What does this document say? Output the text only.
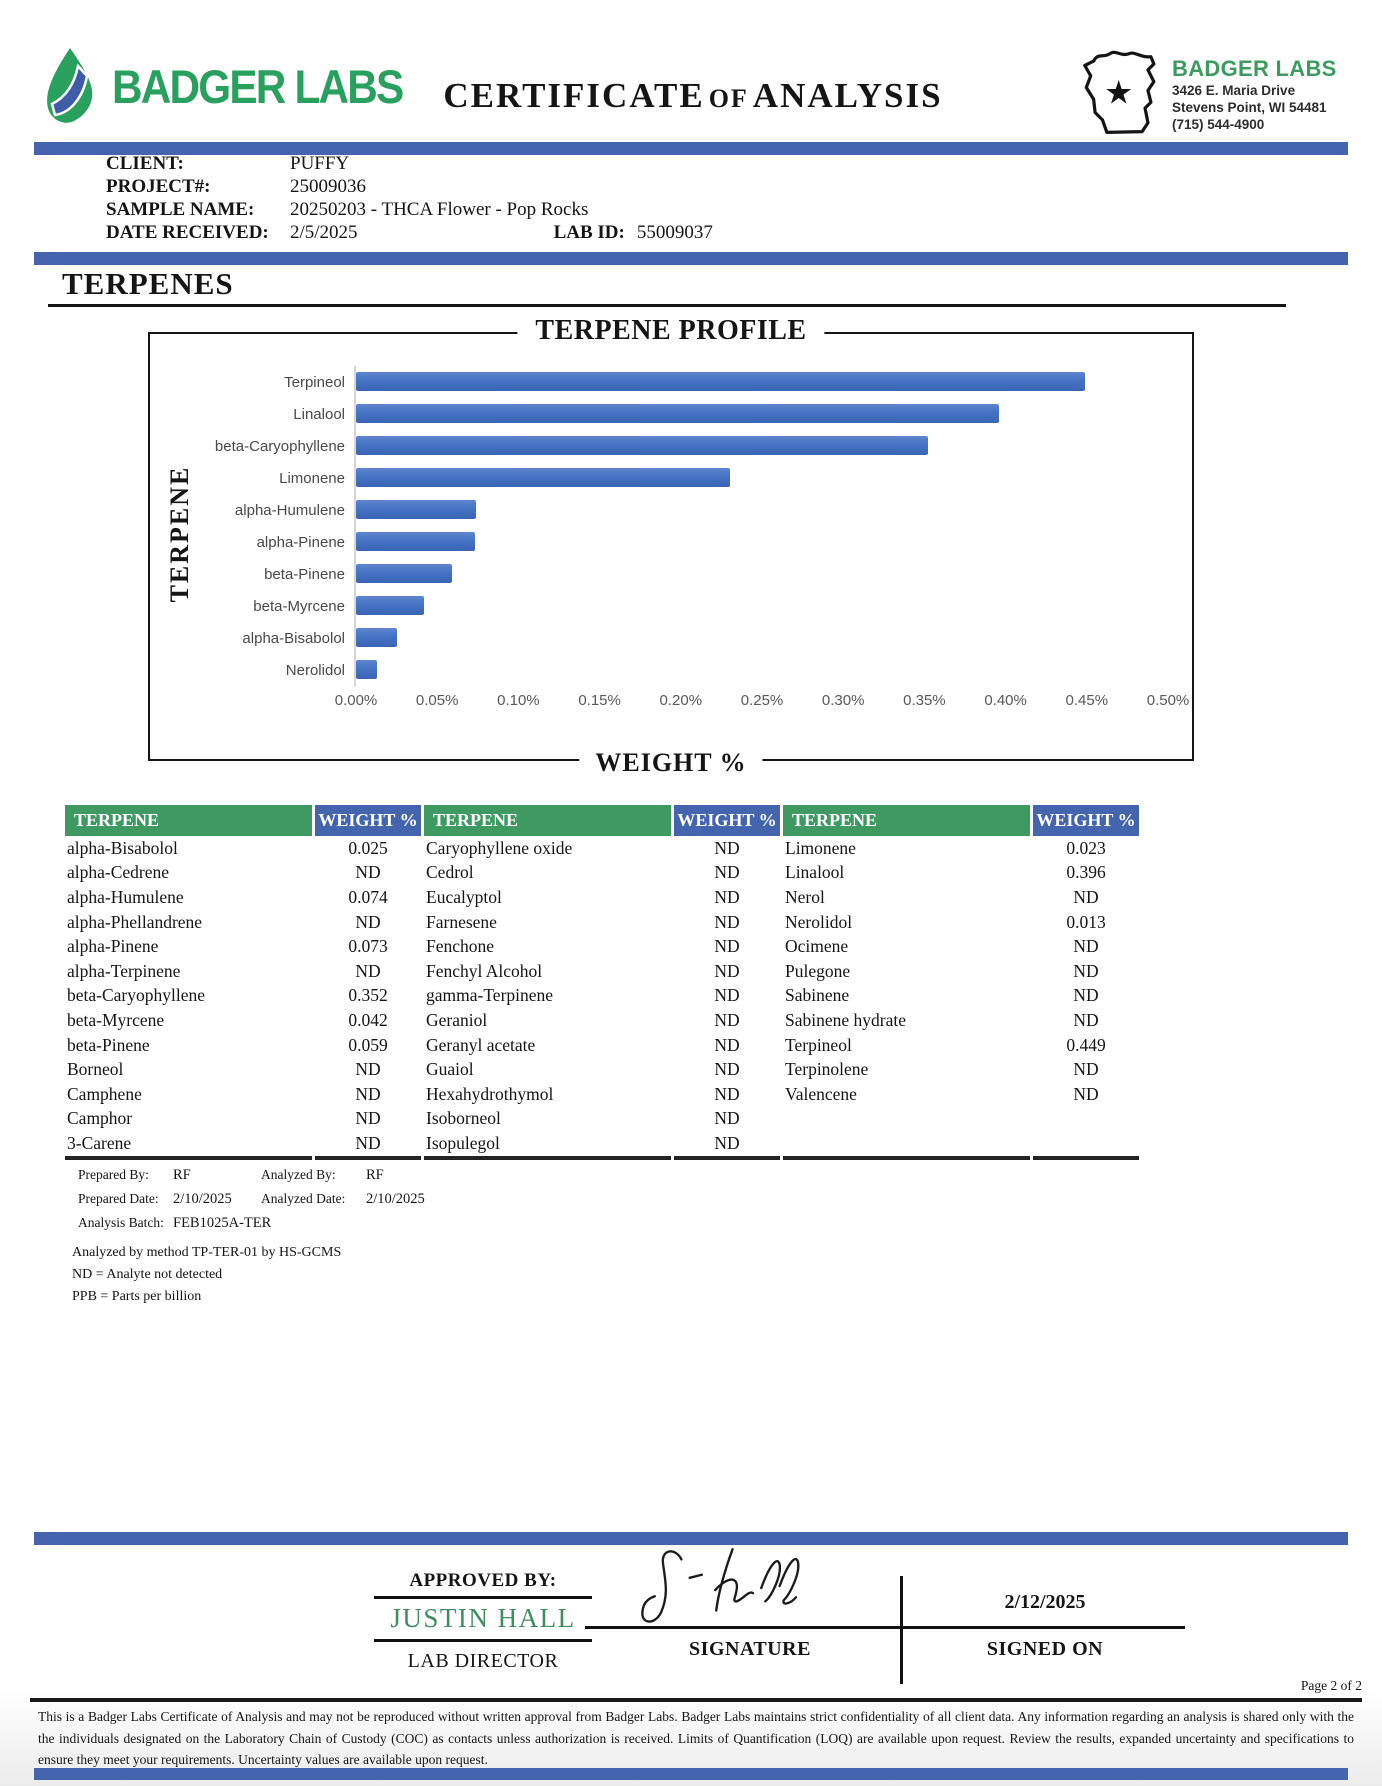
BADGER LABS	CERTIFICATE OF ANALYSIS	★
BADGER LABS
3426 E. Maria Drive
Stevens Point, WI 54481
(715) 544-4900
CLIENT:	PUFFY
PROJECT#:	25009036
SAMPLE NAME: 20250203 - THCA Flower - Pop Rocks
DATE RECEIVED: 2/5/2025	LAB ID: 55009037
TERPENES
TERPENE PROFILE
TERPENE
Terpineol
Linalool
beta-Caryophyllene
Limonene
alpha-Humulene
alpha-Pinene
beta-Pinene
beta-Myrcene
alpha-Bisabolol
Nerolidol
0.00%	0.05%	0.10%	0.15%	0.20%	0.25%	0.30%	0.35%	0.40%	0.45%	0.50%
WEIGHT %
TERPENE	WEIGHT %	TERPENE	WEIGHT %	TERPENE	WEIGHT %
alpha-Bisabolol	0.025	Caryophyllene oxide	ND	Limonene	0.023
alpha-Cedrene	ND	Cedrol	ND	Linalool	0.396
alpha-Humulene	0.074	Eucalyptol	ND	Nerol	ND
alpha-Phellandrene	ND	Farnesene	ND	Nerolidol	0.013
alpha-Pinene	0.073	Fenchone	ND	Ocimene	ND
alpha-Terpinene	ND	Fenchyl Alcohol	ND	Pulegone	ND
beta-Caryophyllene	0.352	gamma-Terpinene	ND	Sabinene	ND
beta-Myrcene	0.042	Geraniol	ND	Sabinene hydrate	ND
beta-Pinene	0.059	Geranyl acetate	ND	Terpineol	0.449
Borneol	ND	Guaiol	ND	Terpinolene	ND
Camphene	ND	Hexahydrothymol	ND	Valencene	ND
Camphor	ND	Isoborneol	ND		
3-Carene	ND	Isopulegol	ND		
Prepared By: RF	Analyzed By: RF
Prepared Date: 2/10/2025 Analyzed Date: 2/10/2025
Analysis Batch: FEB1025A-TER
Analyzed by method TP-TER-01 by HS-GCMS
ND = Analyte not detected
PPB = Parts per billion
APPROVED BY:
JUSTIN HALL
LAB DIRECTOR
SIGNATURE
2/12/2025
SIGNED ON
Page 2 of 2
This is a Badger Labs Certificate of Analysis and may not be reproduced without written approval from Badger Labs. Badger Labs maintains strict confidentiality of all client data. Any information regarding an analysis is shared only with the the individuals designated on the Laboratory Chain of Custody (COC) as contacts unless authorization is received. Limits of Quantification (LOQ) are available upon request. Review the results, expanded uncertainty and specifications to ensure they meet your requirements. Uncertainty values are available upon request.
